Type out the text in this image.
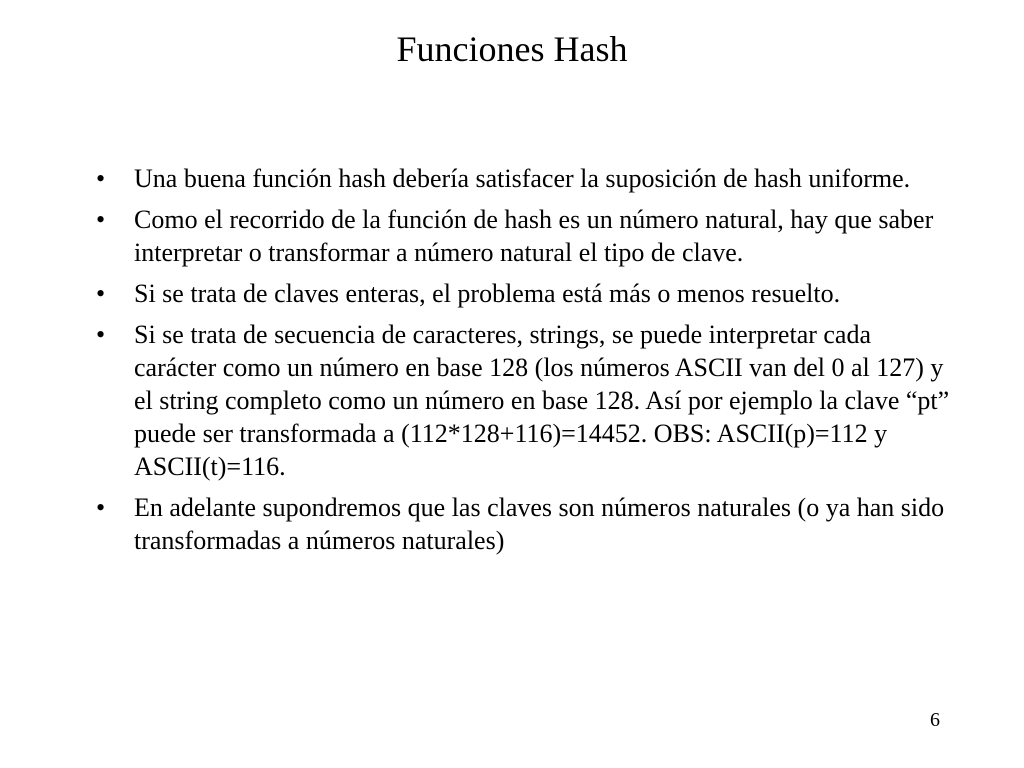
Funciones Hash
•	Una buena función hash debería satisfacer la suposición de hash uniforme.
•	Como el recorrido de la función de hash es un número natural, hay que saber interpretar o transformar a número natural el tipo de clave.
•	Si se trata de claves enteras, el problema está más o menos resuelto.
•	Si se trata de secuencia de caracteres, strings, se puede interpretar cada carácter como un número en base 128 (los números ASCII van del 0 al 127) y el string completo como un número en base 128. Así por ejemplo la clave “pt” puede ser transformada a (112*128+116)=14452. OBS: ASCII(p)=112 y ASCII(t)=116.
•	En adelante supondremos que las claves son números naturales (o ya han sido transformadas a números naturales)
6
